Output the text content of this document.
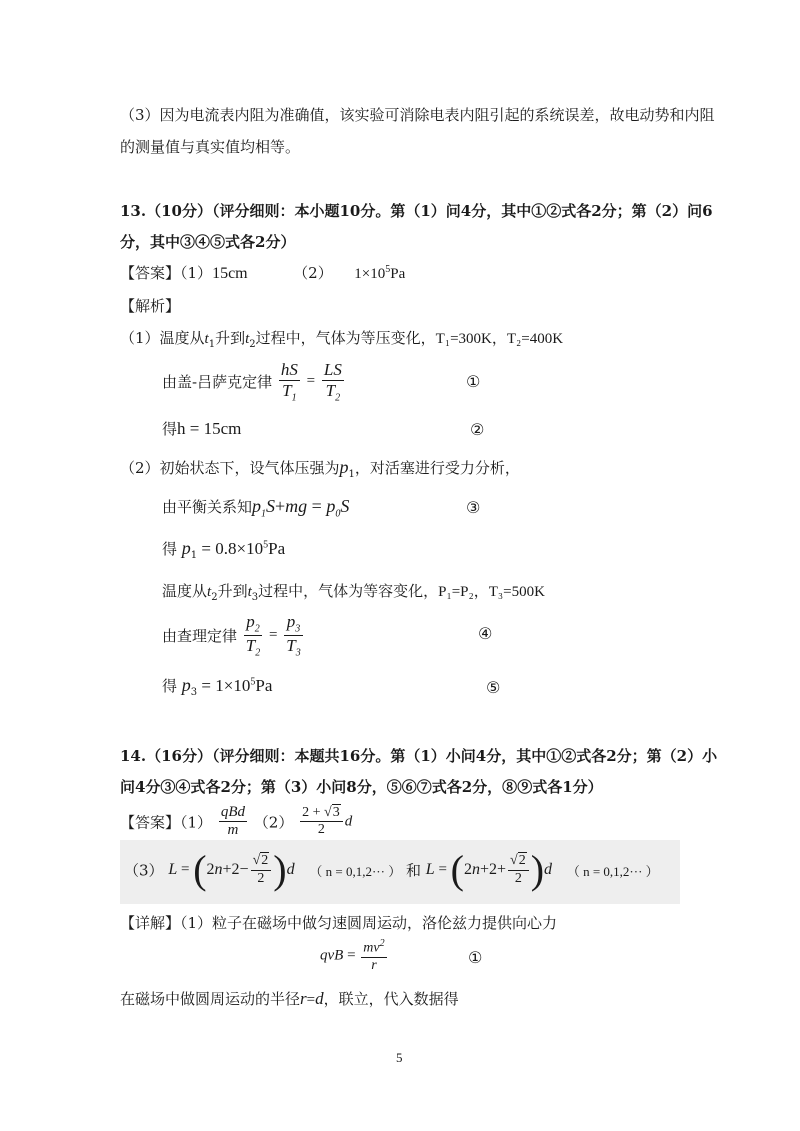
（3）因为电流表内阻为准确值，该实验可消除电表内阻引起的系统误差，故电动势和内阻
的测量值与真实值均相等。
13.（10分）（评分细则：本小题10分。第（1）问4分，其中①②式各2分；第（2）问6
分，其中③④⑤式各2分）
【答案】（1）15cm	（2） $1\times 10^5Pa$
【解析】
（1）温度从$t_1$升到$t_2$过程中，气体为等压变化，T₁=300K，T₂=400K
由盖-吕萨克定律 $\frac{hS}{T_1} = \frac{LS}{T_2}$	①
得h = 15cm	②
（2）初始状态下，设气体压强为$p_1$，对活塞进行受力分析，
由平衡关系知$p_1S+mg = p_0S$	③
得 $p_1 = 0.8\times 10^5Pa$
温度从$t_2$升到$t_3$过程中，气体为等容变化，P₁=P₂，T₃=500K
由查理定律 $\frac{p_2}{T_2} = \frac{p_3}{T_3}$	④
得 $p_3 = 1\times 10^5Pa$	⑤
14.（16分）（评分细则：本题共16分。第（1）小问4分，其中①②式各2分；第（2）小
问4分③④式各2分；第（3）小问8分，⑤⑥⑦式各2分，⑧⑨式各1分）
【答案】$(1) \frac{\text{qBd}}{m} (2) \frac{2 + √3}{2}$ d
（3） $L = (2n+2- \frac{√2}{2} )d$ （ n = 0,1,2··· ） 和 $L = (2n+2+ \frac{√2}{2} )d$ （ n = 0,1,2··· ）
【详解】（1）粒子在磁场中做匀速圆周运动，洛伦兹力提供向心力
qvB = $\frac{mv^2}{r}$	①
在磁场中做圆周运动的半径r=d，联立，代入数据得
5
